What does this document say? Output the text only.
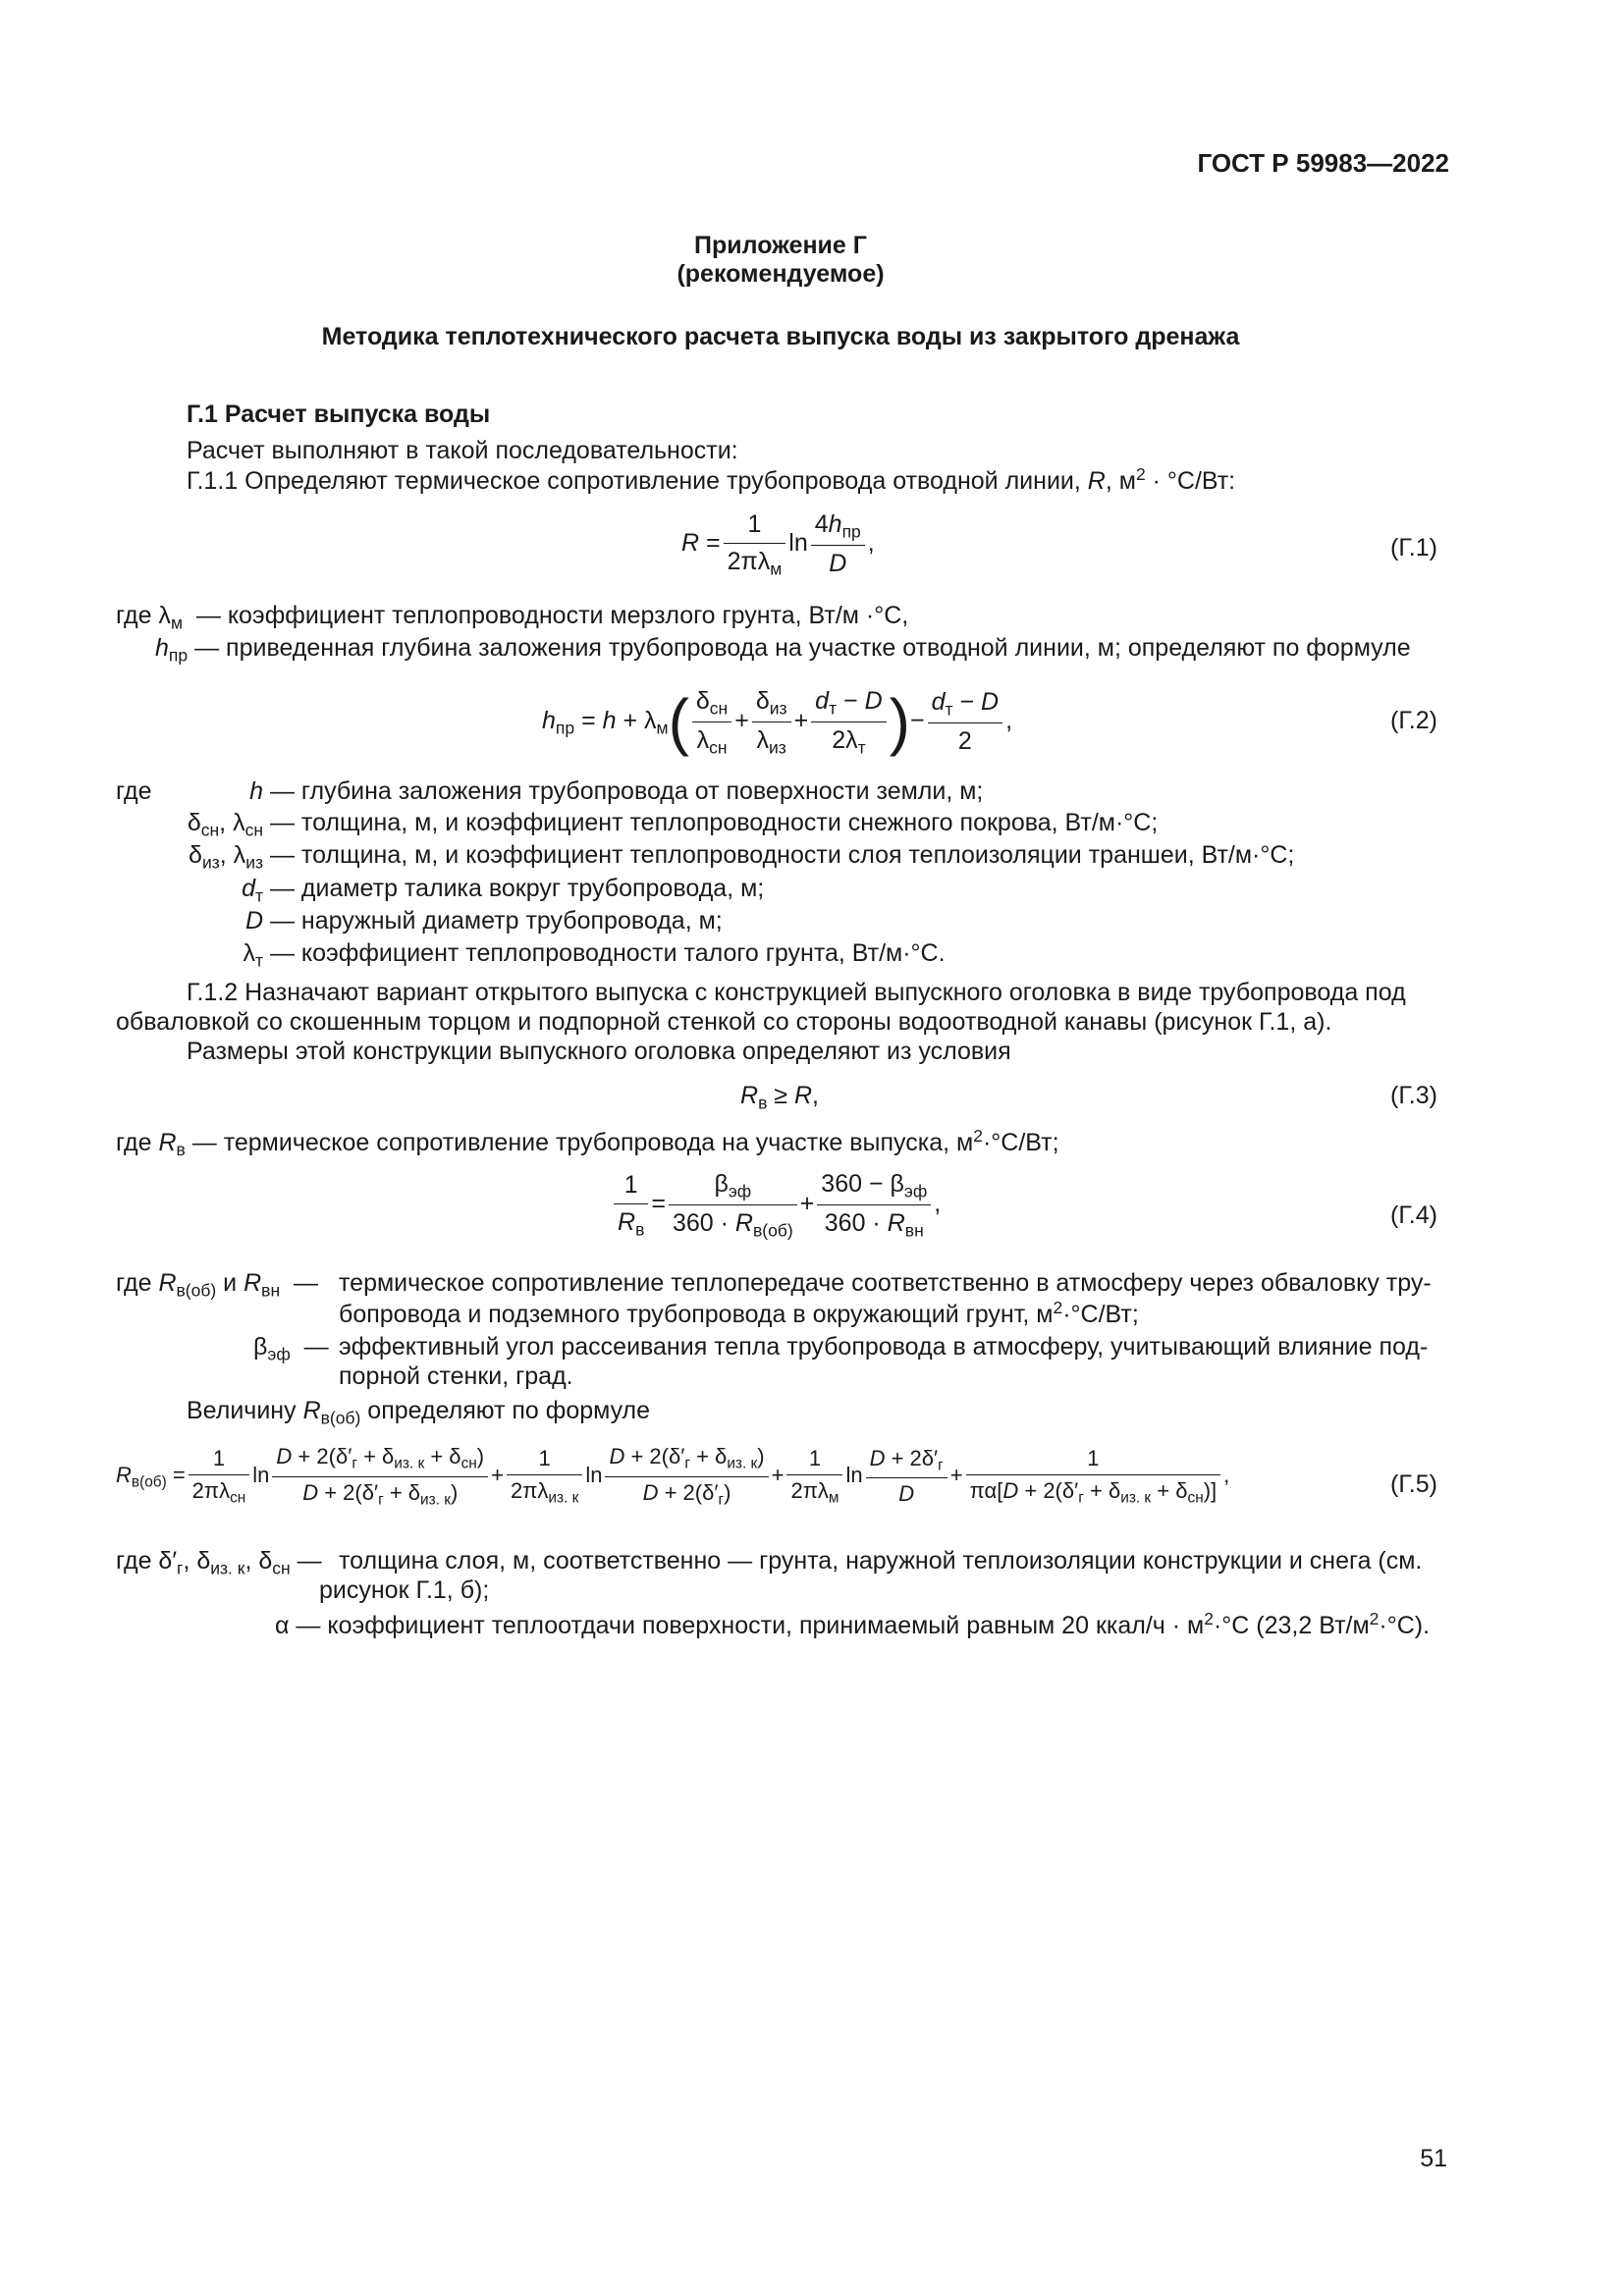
ГОСТ Р 59983—2022
Приложение Г
(рекомендуемое)
Методика теплотехнического расчета выпуска воды из закрытого дренажа
Г.1 Расчет выпуска воды
Расчет выполняют в такой последовательности:
Г.1.1 Определяют термическое сопротивление трубопровода отводной линии, R, $м^2 \cdot ^\circ С/Вт$:
$R = \frac{1}{2\pi\lambda_м}$ $\ln \frac{4h_{пр}}{D}$ ,	(Г.1)
где $\lambda_м$  — коэффициент теплопроводности мерзлого грунта, Вт/м ·°С,
$h_{пр}$ — приведенная глубина заложения трубопровода на участке отводной линии, м; определяют по формуле
$h_{пр} = h + \lambda_м( \frac{\delta_{сн}}{\lambda_{сн}} + \frac{\delta_{из}}{\lambda_{из}} + \frac{d_т - D}{2\lambda_т}$ )− $\frac{d_т - D}{2}$ ,	(Г.2)
где	h — глубина заложения трубопровода от поверхности земли, м;
$\delta_{сн}$, $\lambda_{сн}$ — толщина, м, и коэффициент теплопроводности снежного покрова, Вт/м·°С;
$\delta_{из}$, $\lambda_{из}$ — толщина, м, и коэффициент теплопроводности слоя теплоизоляции траншеи, Вт/м·°С;
$d_т$ — диаметр талика вокруг трубопровода, м;
D — наружный диаметр трубопровода, м;
$\lambda_т$ — коэффициент теплопроводности талого грунта, Вт/м·°С.
Г.1.2 Назначают вариант открытого выпуска с конструкцией выпускного оголовка в виде трубопровода под
обваловкой со скошенным торцом и подпорной стенкой со стороны водоотводной канавы (рисунок Г.1, а).
Размеры этой конструкции выпускного оголовка определяют из условия
$R_в \ge R$,	(Г.3)
где $R_в$ — термическое сопротивление трубопровода на участке выпуска, $м^2\cdot^\circ С/Вт$;
$\frac{1}{R_в} = \frac{\beta_{эф}}{360 \cdot R_{в(об)}} + \frac{360 - \beta_{эф}}{360 \cdot R_{вн}}$ ,	(Г.4)
где $R_{в(об)}$ и $R_{вн}$  — термическое сопротивление теплопередаче соответственно в атмосферу через обваловку тру-
бопровода и подземного трубопровода в окружающий грунт, $м^2\cdot^\circ С/Вт$;
$\beta_{эф}$  — эффективный угол рассеивания тепла трубопровода в атмосферу, учитывающий влияние под-
порной стенки, град.
Величину $R_{в(об)}$ определяют по формуле
$R_{в(об)} = \frac{1}{2\pi\lambda_{сн}}$ $\ln \frac{D + 2(\delta'_г + \delta_{из. к} + \delta_{сн})}{D + 2(\delta'_г + \delta_{из. к})} + \frac{1}{2\pi\lambda_{из. к}}$ $\ln \frac{D + 2(\delta'_г + \delta_{из. к})}{D + 2(\delta'_г)} + \frac{1}{2\pi\lambda_м}$ $\ln \frac{D + 2\delta'_г}{D} + \frac{1}{\pi\alpha[D + 2(\delta'_г + \delta_{из. к} + \delta_{сн})]}$ ,	(Г.5)
где $\delta'_г$, $\delta_{из. к}$, $\delta_{сн}$ — толщина слоя, м, соответственно — грунта, наружной теплоизоляции конструкции и снега (см.
рисунок Г.1, б);
α — коэффициент теплоотдачи поверхности, принимаемый равным 20 ккал/ч · $м^2\cdot^\circ С$ (23,2 $Вт/м^2\cdot^\circ С$).
51
